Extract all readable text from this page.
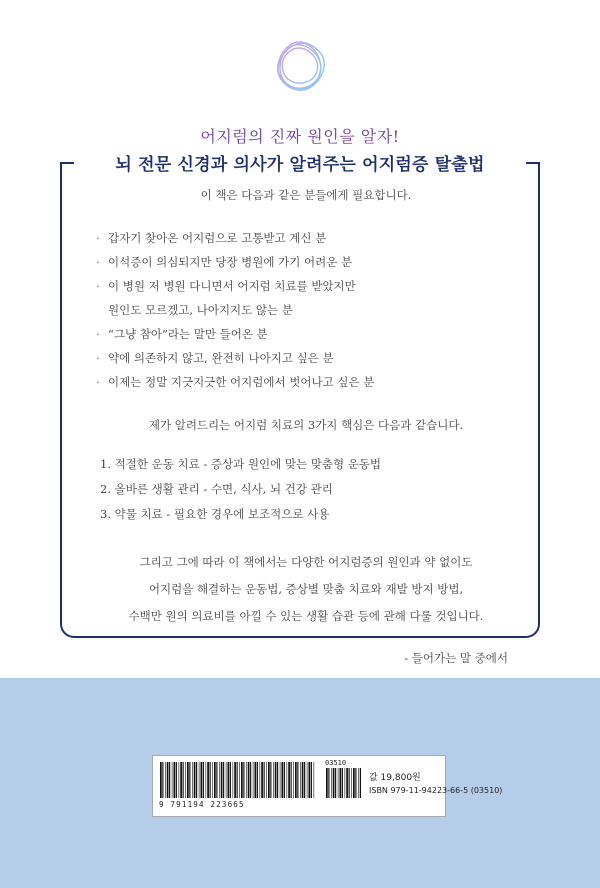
어지럼의 진짜 원인을 알자!
뇌 전문 신경과 의사가 알려주는 어지럼증 탈출법

이 책은 다음과 같은 분들에게 필요합니다.

· 갑자기 찾아온 어지럼으로 고통받고 계신 분
· 이석증이 의심되지만 당장 병원에 가기 어려운 분
· 이 병원 저 병원 다니면서 어지럼 치료를 받았지만
원인도 모르겠고, 나아지지도 않는 분
· “그냥 참아”라는 말만 들어온 분
· 약에 의존하지 않고, 완전히 나아지고 싶은 분
· 이제는 정말 지긋지긋한 어지럼에서 벗어나고 싶은 분

제가 알려드리는 어지럼 치료의 3가지 핵심은 다음과 같습니다.

1. 적절한 운동 치료 - 증상과 원인에 맞는 맞춤형 운동법
2. 올바른 생활 관리 - 수면, 식사, 뇌 건강 관리
3. 약물 치료 - 필요한 경우에 보조적으로 사용

그리고 그에 따라 이 책에서는 다양한 어지럼증의 원인과 약 없이도
어지럼을 해결하는 운동법, 증상별 맞춤 치료와 재발 방지 방법,
수백만 원의 의료비를 아낄 수 있는 생활 습관 등에 관해 다룰 것입니다.

- 들어가는 말 중에서

9 791194 223665
03510
값 19,800원
ISBN 979-11-94223-66-5 (03510)
